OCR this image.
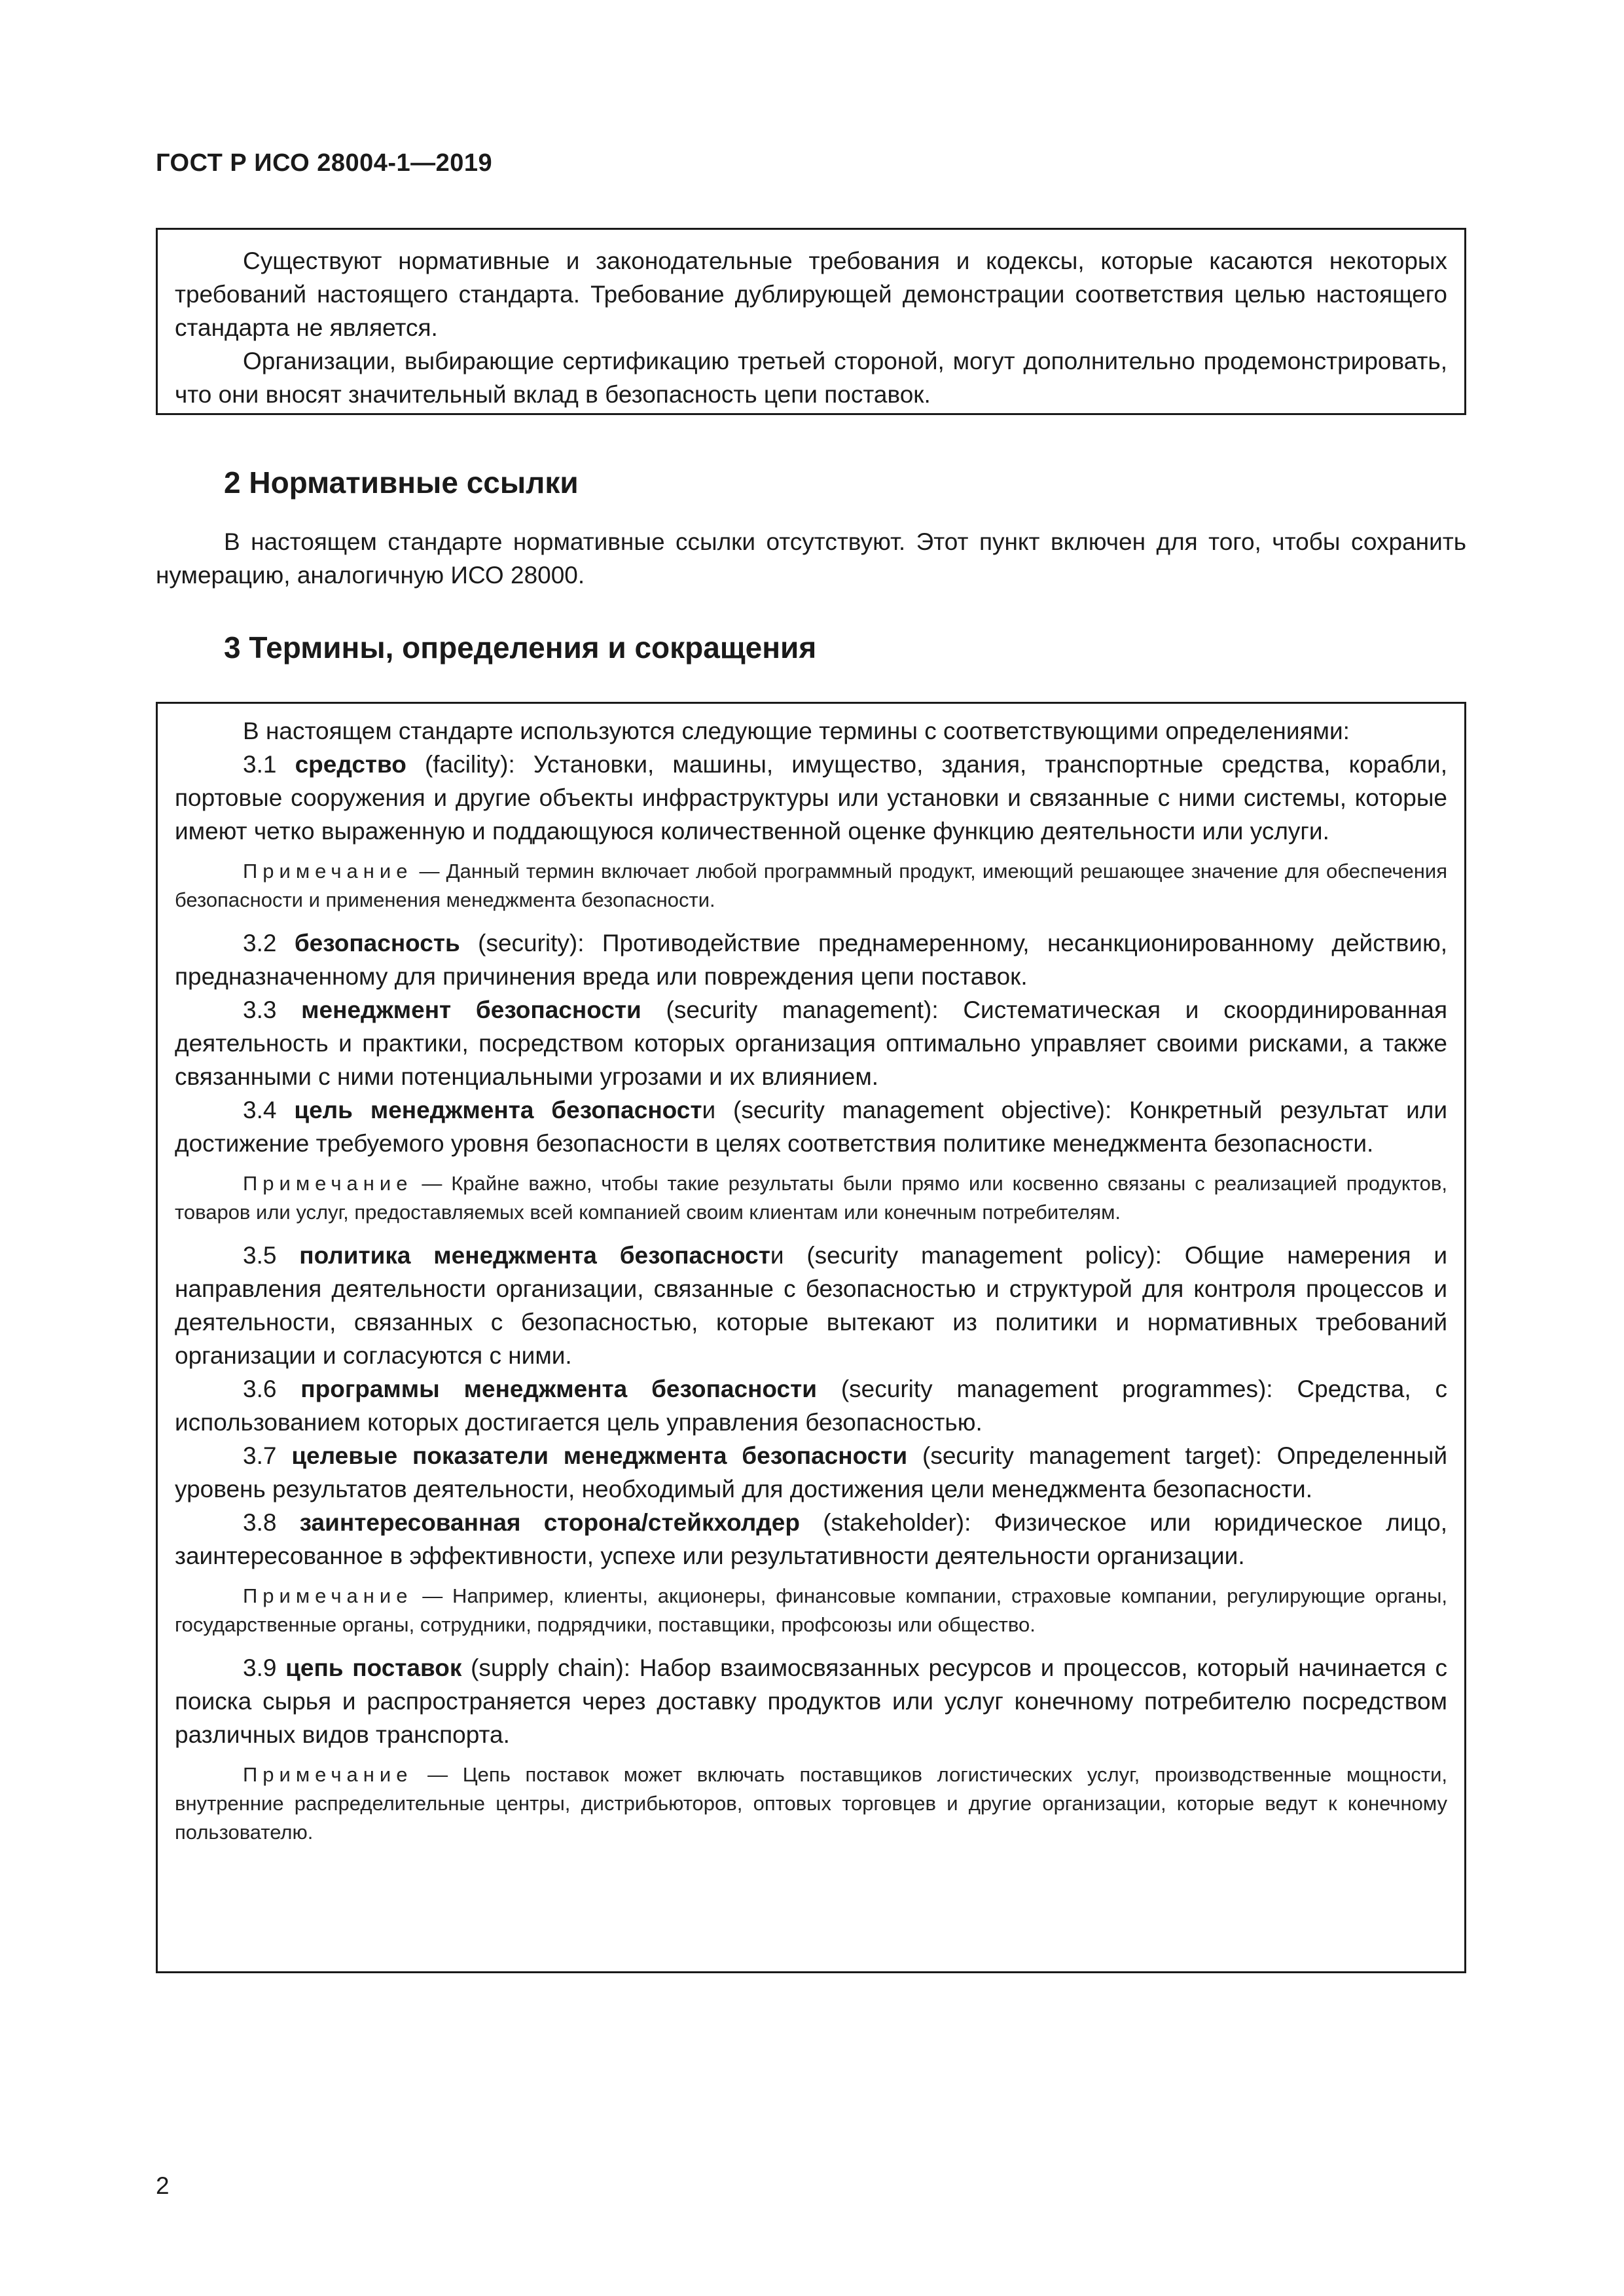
ГОСТ Р ИСО 28004-1—2019

Существуют нормативные и законодательные требования и кодексы, которые касаются некоторых требований настоящего стандарта. Требование дублирующей демонстрации соответствия целью настоящего стандарта не является.

Организации, выбирающие сертификацию третьей стороной, могут дополнительно продемонстрировать, что они вносят значительный вклад в безопасность цепи поставок.

2 Нормативные ссылки

В настоящем стандарте нормативные ссылки отсутствуют. Этот пункт включен для того, чтобы сохранить нумерацию, аналогичную ИСО 28000.

3 Термины, определения и сокращения

В настоящем стандарте используются следующие термины с соответствующими определениями:

3.1 средство (facility): Установки, машины, имущество, здания, транспортные средства, корабли, портовые сооружения и другие объекты инфраструктуры или установки и связанные с ними системы, которые имеют четко выраженную и поддающуюся количественной оценке функцию деятельности или услуги.

Примечание — Данный термин включает любой программный продукт, имеющий решающее значение для обеспечения безопасности и применения менеджмента безопасности.

3.2 безопасность (security): Противодействие преднамеренному, несанкционированному действию, предназначенному для причинения вреда или повреждения цепи поставок.

3.3 менеджмент безопасности (security management): Систематическая и скоординированная деятельность и практики, посредством которых организация оптимально управляет своими рисками, а также связанными с ними потенциальными угрозами и их влиянием.

3.4 цель менеджмента безопасности (security management objective): Конкретный результат или достижение требуемого уровня безопасности в целях соответствия политике менеджмента безопасности.

Примечание — Крайне важно, чтобы такие результаты были прямо или косвенно связаны с реализацией продуктов, товаров или услуг, предоставляемых всей компанией своим клиентам или конечным потребителям.

3.5 политика менеджмента безопасности (security management policy): Общие намерения и направления деятельности организации, связанные с безопасностью и структурой для контроля процессов и деятельности, связанных с безопасностью, которые вытекают из политики и нормативных требований организации и согласуются с ними.

3.6 программы менеджмента безопасности (security management programmes): Средства, с использованием которых достигается цель управления безопасностью.

3.7 целевые показатели менеджмента безопасности (security management target): Определенный уровень результатов деятельности, необходимый для достижения цели менеджмента безопасности.

3.8 заинтересованная сторона/стейкхолдер (stakeholder): Физическое или юридическое лицо, заинтересованное в эффективности, успехе или результативности деятельности организации.

Примечание — Например, клиенты, акционеры, финансовые компании, страховые компании, регулирующие органы, государственные органы, сотрудники, подрядчики, поставщики, профсоюзы или общество.

3.9 цепь поставок (supply chain): Набор взаимосвязанных ресурсов и процессов, который начинается с поиска сырья и распространяется через доставку продуктов или услуг конечному потребителю посредством различных видов транспорта.

Примечание — Цепь поставок может включать поставщиков логистических услуг, производственные мощности, внутренние распределительные центры, дистрибьюторов, оптовых торговцев и другие организации, которые ведут к конечному пользователю.

2
